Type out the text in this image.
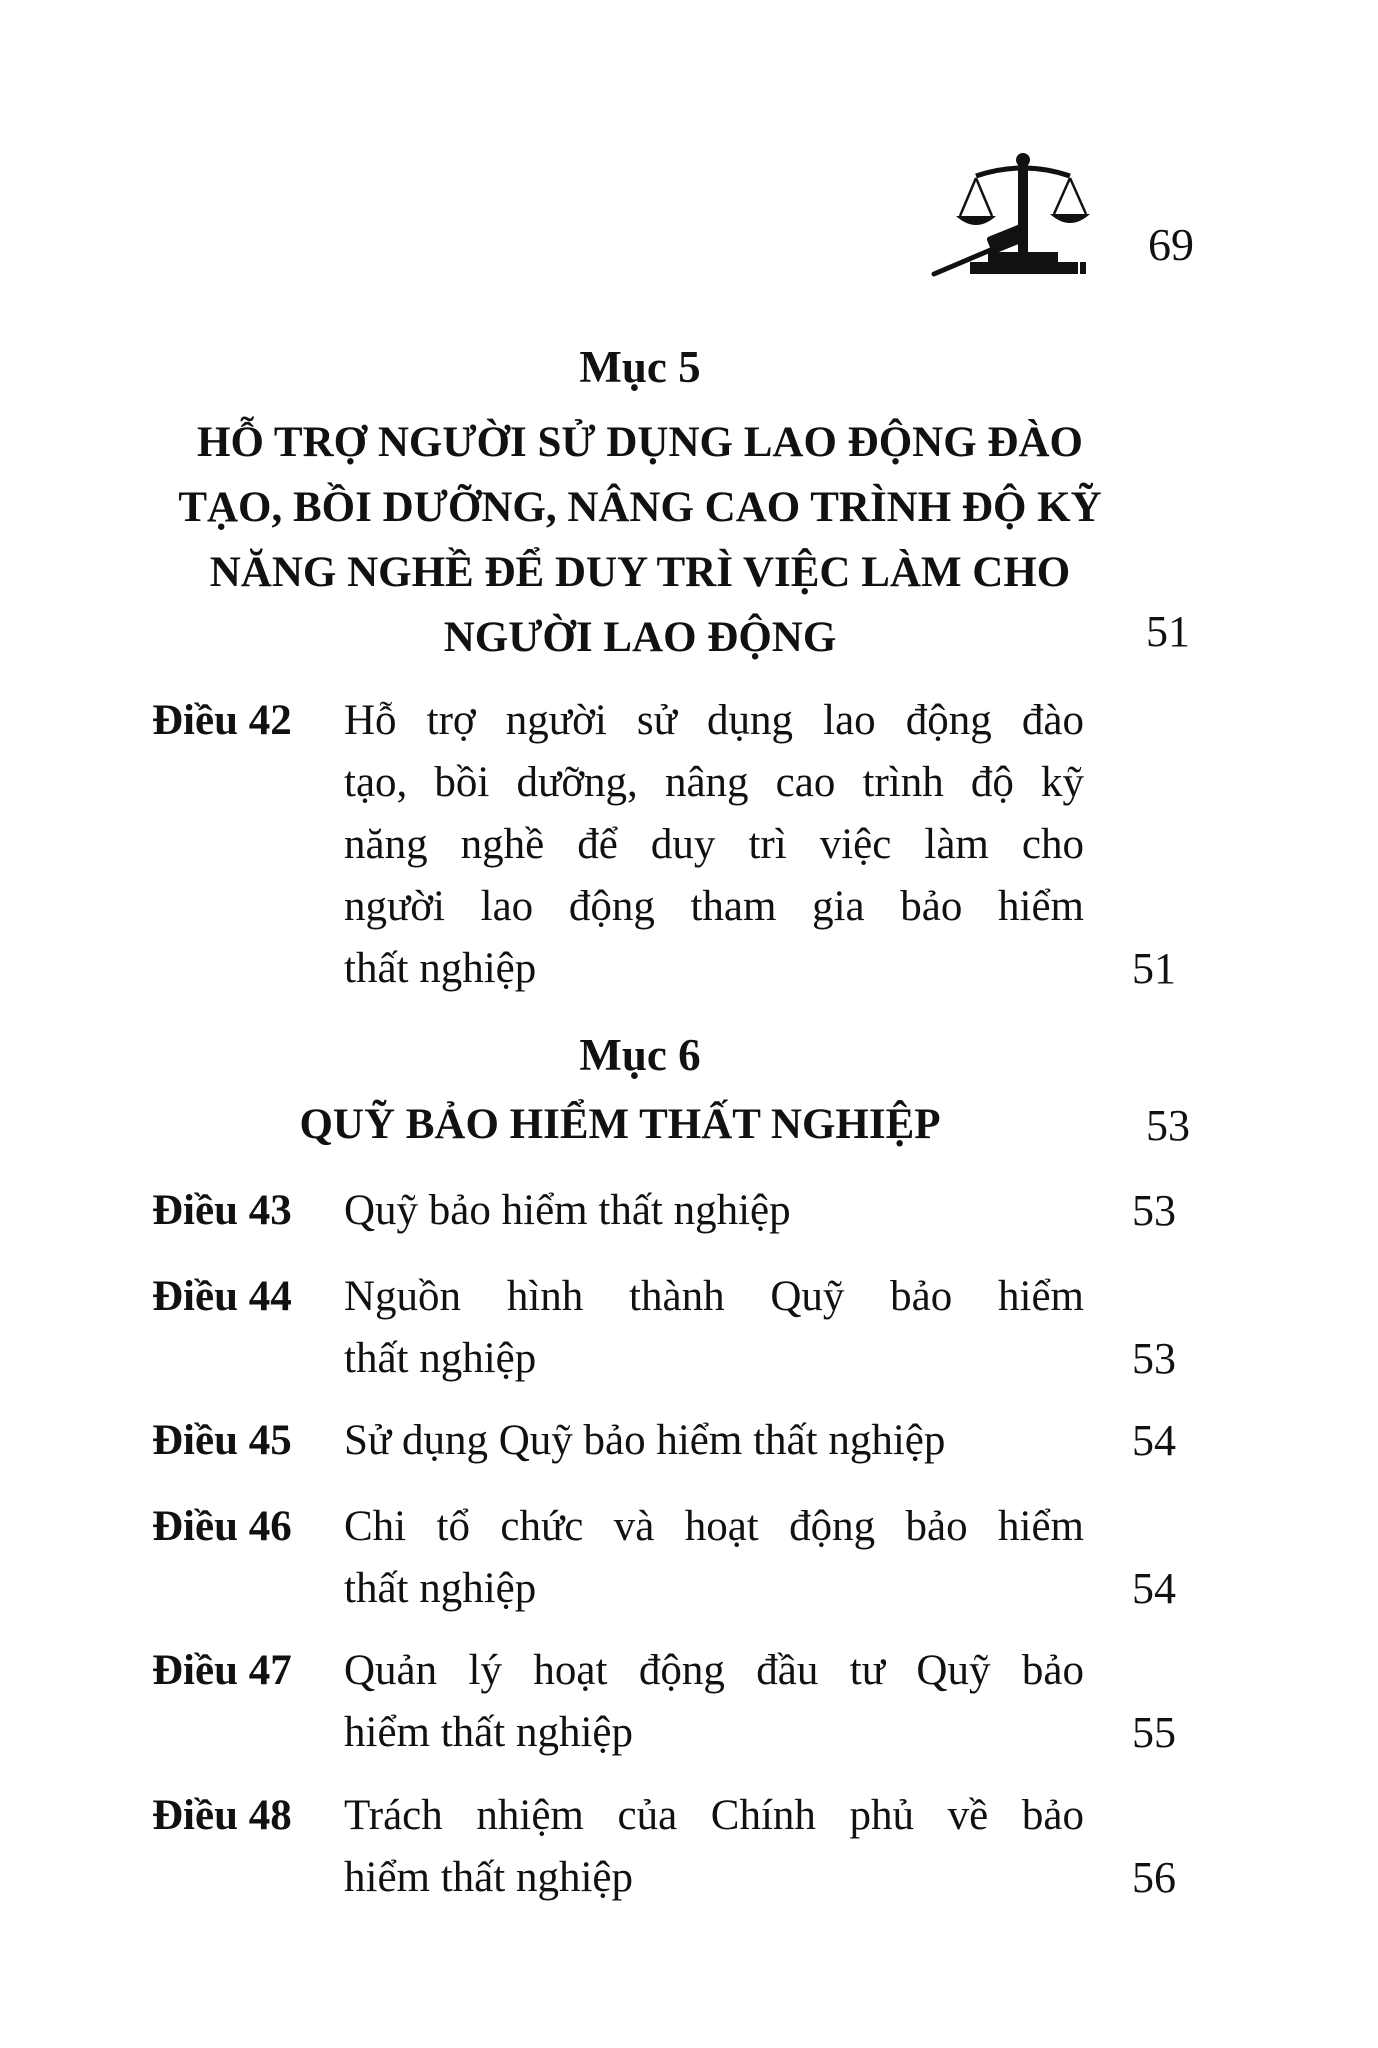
69
Mục 5
HỖ TRỢ NGƯỜI SỬ DỤNG LAO ĐỘNG ĐÀO
TẠO, BỒI DƯỠNG, NÂNG CAO TRÌNH ĐỘ KỸ
NĂNG NGHỀ ĐỂ DUY TRÌ VIỆC LÀM CHO
NGƯỜI LAO ĐỘNG	51
Điều 42 Hỗ trợ người sử dụng lao động đào
tạo, bồi dưỡng, nâng cao trình độ kỹ
năng nghề để duy trì việc làm cho
người lao động tham gia bảo hiểm
thất nghiệp	51
Mục 6
QUỸ BẢO HIỂM THẤT NGHIỆP	53
Điều 43 Quỹ bảo hiểm thất nghiệp	53
Điều 44 Nguồn hình thành Quỹ bảo hiểm
thất nghiệp	53
Điều 45 Sử dụng Quỹ bảo hiểm thất nghiệp	54
Điều 46 Chi tổ chức và hoạt động bảo hiểm
thất nghiệp	54
Điều 47 Quản lý hoạt động đầu tư Quỹ bảo
hiểm thất nghiệp	55
Điều 48 Trách nhiệm của Chính phủ về bảo
hiểm thất nghiệp	56
